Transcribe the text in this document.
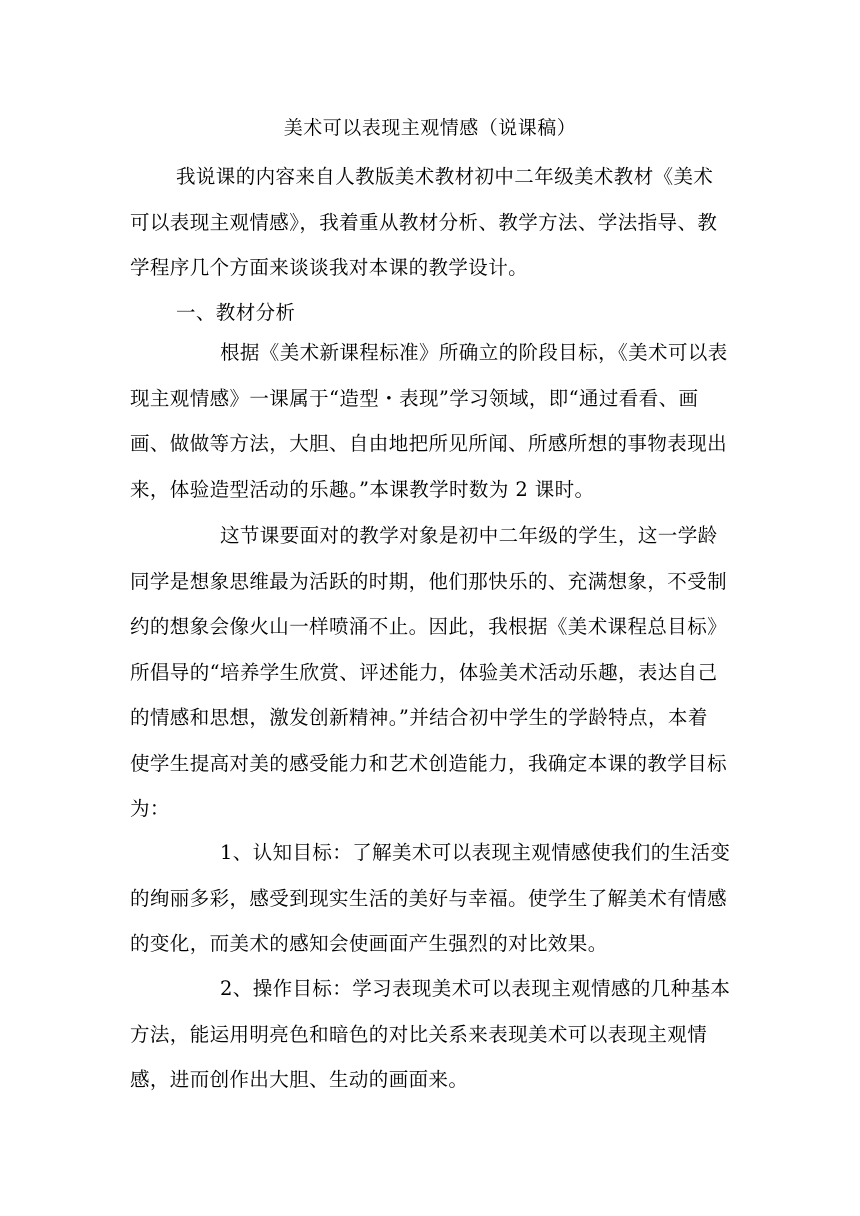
美术可以表现主观情感（说课稿）
我说课的内容来自人教版美术教材初中二年级美术教材《美术
可以表现主观情感》，我着重从教材分析、教学方法、学法指导、教
学程序几个方面来谈谈我对本课的教学设计。
一、教材分析
根据《美术新课程标准》所确立的阶段目标，《美术可以表
现主观情感》一课属于“造型・表现”学习领域，即“通过看看、画
画、做做等方法，大胆、自由地把所见所闻、所感所想的事物表现出
来，体验造型活动的乐趣。”本课教学时数为 2 课时。
这节课要面对的教学对象是初中二年级的学生，这一学龄
同学是想象思维最为活跃的时期，他们那快乐的、充满想象，不受制
约的想象会像火山一样喷涌不止。因此，我根据《美术课程总目标》
所倡导的“培养学生欣赏、评述能力，体验美术活动乐趣，表达自己
的情感和思想，激发创新精神。”并结合初中学生的学龄特点，本着
使学生提高对美的感受能力和艺术创造能力，我确定本课的教学目标
为：
1、认知目标：了解美术可以表现主观情感使我们的生活变
的绚丽多彩，感受到现实生活的美好与幸福。使学生了解美术有情感
的变化，而美术的感知会使画面产生强烈的对比效果。
2、操作目标：学习表现美术可以表现主观情感的几种基本
方法，能运用明亮色和暗色的对比关系来表现美术可以表现主观情
感，进而创作出大胆、生动的画面来。
